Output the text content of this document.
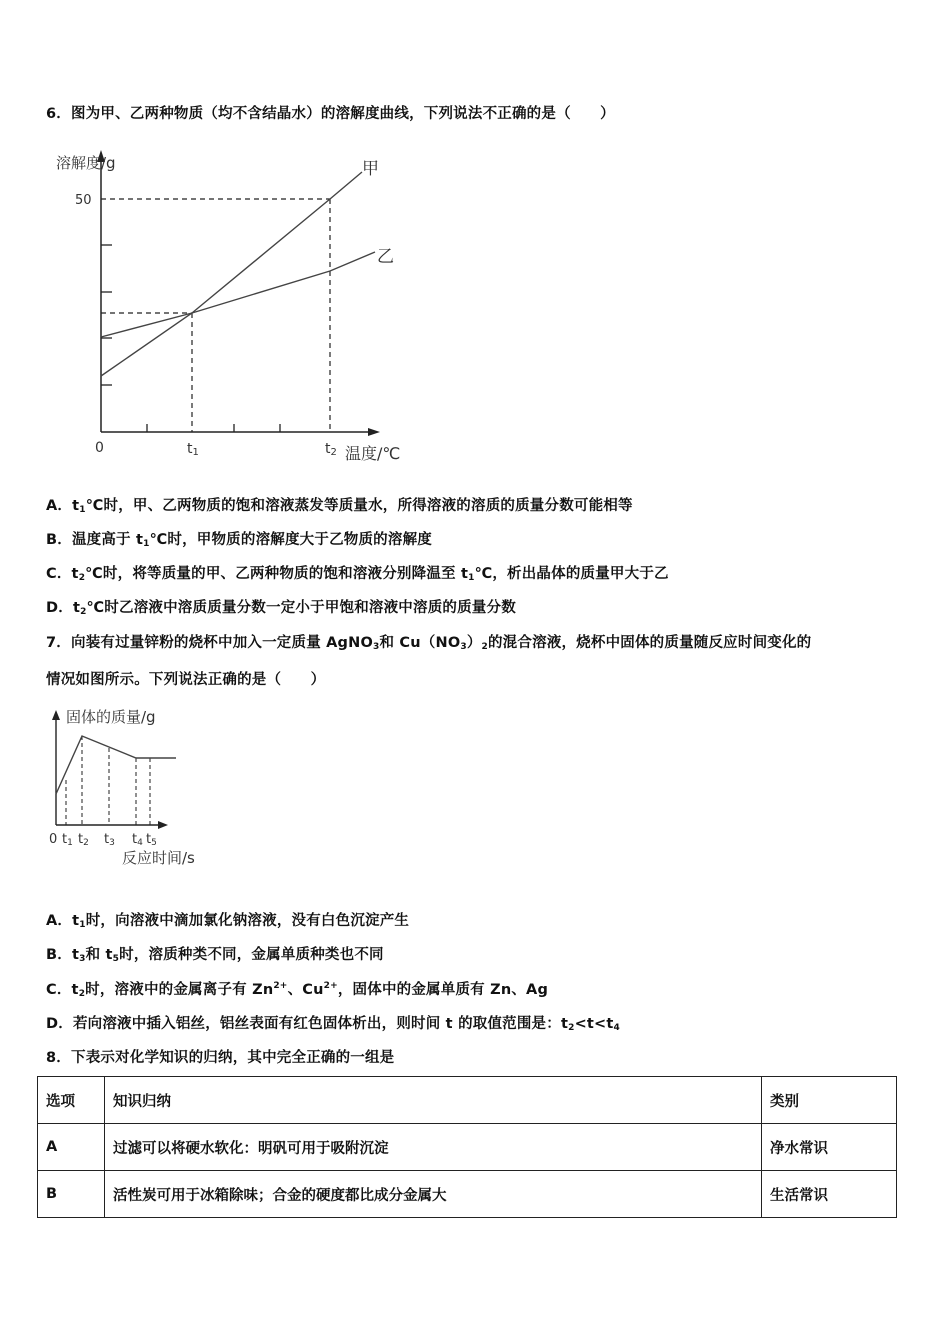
6．图为甲、乙两种物质（均不含结晶水）的溶解度曲线，下列说法不正确的是（　　）
溶解度/g
50
0	t1	t2 温度/℃
甲
乙
A．$t_1℃$时，甲、乙两物质的饱和溶液蒸发等质量水，所得溶液的溶质的质量分数可能相等
B．温度高于 $t_1℃$时，甲物质的溶解度大于乙物质的溶解度
C．$t_2℃$时，将等质量的甲、乙两种物质的饱和溶液分别降温至 $t_1℃$，析出晶体的质量甲大于乙
D．$t_2℃$时乙溶液中溶质质量分数一定小于甲饱和溶液中溶质的质量分数
7．向装有过量锌粉的烧杯中加入一定质量 AgNO$_3$和 $Cu(NO_3)_2$的混合溶液，烧杯中固体的质量随反应时间变化的
情况如图所示。下列说法正确的是（　　）
固体的质量/g
0 t1 t2 t3 t4 t5
反应时间/s
A．$t_1$时，向溶液中滴加氯化钠溶液，没有白色沉淀产生
B．$t_3$和 $t_5$时，溶质种类不同，金属单质种类也不同
C．$t_2$时，溶液中的金属离子有 $Zn^{2+}$、$Cu^{2+}$，固体中的金属单质有 Zn、Ag
D．若向溶液中插入铝丝，铝丝表面有红色固体析出，则时间 t 的取值范围是：$t_2<t<t_4$
8．下表示对化学知识的归纳，其中完全正确的一组是
选项	知识归纳	类别
A	过滤可以将硬水软化：明矾可用于吸附沉淀	净水常识
B	活性炭可用于冰箱除味；合金的硬度都比成分金属大	生活常识
